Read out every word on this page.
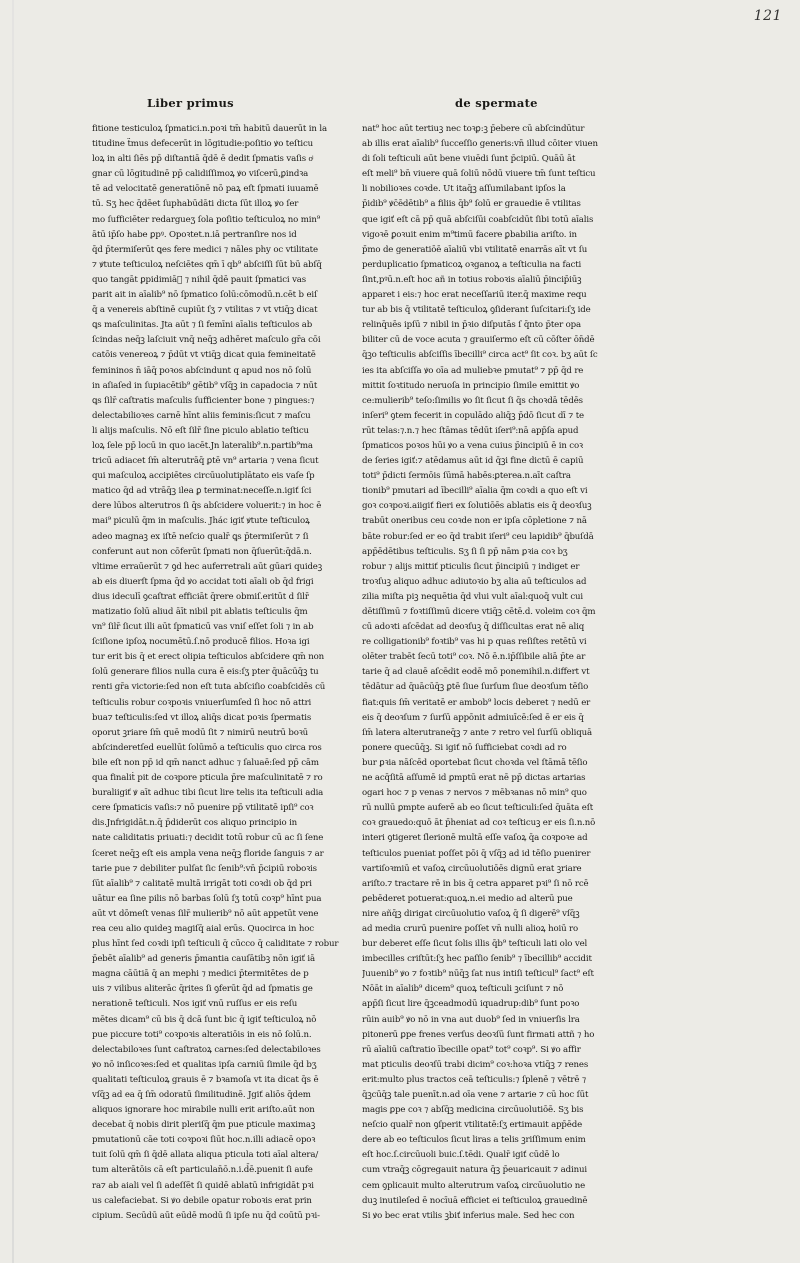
121
Liber primus	de spermate
fitione testiculoꝝ ſpmatici.n.poꝛi tm̄ habitū dauerūt in la
titudine ẗmus defecerūt in lōgitudie:poſitio ꝟo teſticu
loꝝ in alti ſiēs pp̄ diſtantiā q̄dē ē dedit ſpmatis vaſis oͥ
gnar cū lōgitudinē pp̄ calidiſſimoꝝ ꝟo viſcerū,ꝑindꝛa
tē ad velocitatē generatiōnē nō paꝝ eſt ſpmati iuuamē
tū. Sʒ hec q̄dēet ſuphabūdāti dicta ſūt illoꝝ ꝟo ſer
mo ſufficiēter redargueʒ ſola poſitio teſticuloꝝ no min⁹
ātū ip̄ſo habe ꝑpꝰ. Opoꝛtet.n.iā pertranſire nos id
q̄d p̄termiſerūt ꝗes fere medici ⁊ nāles phy oc vtilitate
⁊ ꝟtute teſticuloꝝ neſciētes qm̄ ī qb⁹ abſciſſi ſūt bū abſq̄
quo tangāt ꝑpidimiāᷓ ⁊ nihil q̄dē pauit ſpmatici vas
parit ait in aīalib⁹ nō ſpmatico ſolū:cōmodū.n.cēt b eiſ
q̄ a venereis abſtinē cupiūt ſʒ ⁊ vtilitas ⁊ vt vtiq̄ꝫ dicat
ꝗs maſculinitas. Jta aūt ⁊ ſi femīni aīalis teſticulos ab
ſcindas neq̄ꝫ laſciuit vnq̄ neq̄ꝫ adhēret maſculo gr̄a cōi
catōis venereoꝝ ⁊ p̄dūt vt vtiq̄ꝫ dicat quia femineitatē
femininos n̄ iāq̄ poꝛos abſcindunt q apud nos nō ſolū
in aſiaſed in ſupiacētib⁹ gētib⁹ vſq̄ꝫ in capadocia ⁊ nūt
ꝗs ſilr̄ caſtratis maſculis ſufficienter bone ⁊ pingues:⁊
delectabilioꝛes carnē hīnt aliis feminis:ſicut ⁊ maſcu
li alijs maſculis. Nō eſt ſilr̄ ſine piculo ablatio teſticu
loꝝ ſele pp̄ locū in quo iacēt.Jn lateralib⁹.n.partib⁹ma
tricū adiacet ſm̄ alterutrāq̄ ꝑtē vn⁹ artaria ⁊ vena ſicut
qui maſculoꝝ accipiētes circūuolutiplātato eis vaſe ſp
matico q̄d ad vtrāq̄ꝫ ilea ꝑ terminat:neceſſe.n.igiť ſci
dere lūbos alterutros ſi q̄s abſcidere voluerit:⁊ in hoc ē
mai⁹ piculū q̄m in maſculis. Jhác igiť ꝟtute teſticuloꝝ
adeo magnaꝫ ex iſtē neſcio qualr̄ ꝗs p̄termiſerūt ⁊ ſi
conferunt aut non cōferūt ſpmati non q̄ſuerūt:q̄dā.n.
vltime erraūerūt ⁊ ꝯd hec auferretrali aūt gūari quideꝫ
ab eis diuerſt ſpma q̄d ꝟo accidat toti aīali ob q̄d frigi
dius ideculī ꝯcaſtrat efficiāt q̄rere obmiſ.eritūt d ſilr̄
matizatio ſolū aliud āīt nibil pit ablatis teſticulis q̄m
vn⁹ ſilr̄ ſicut illi aūt ſpmaticū vas vniſ eſſet ſoli ⁊ in ab
ſciſione ipſoꝝ nocumētū.ſ.nō producē filios. Hoꝛa igi
tur erit bis q̄ et erect olipia teſticulos abſcidere qm̄ non
ſolū generare filios nulla cura ē eis:ſʒ pter q̄uācūq̄ꝫ tu
renti gr̄a victorie:ſed non eſt tuta abſciſio coabſcidēs cū
teſticulis robur coꝛpoꝛis vniuerſumſed ſi hoc nō attri
bua⁊ teſticulis:ſed vt illoꝝ aliq̄s dicat poꝛis ſpermatis
oporut ꝫriare ſm̄ quē modū ſit ⁊ nimirū neutrū boꝛū
abſcinderetſed euellūt ſolūmō a teſticulis quo circa ros
bile eſt non pp̄ id qm̄ nanct adhuc ⁊ ſaluaē:ſed pp̄ cām
qua finaliṫ pit de coꝛpore pticula p̄re maſculinitatē ⁊ ro
buraliigiť ꝟ aīt adhuc tibi ſicut lire telis ita teſticuli adia
cere ſpmaticis vaſis:⁊ nō puenire pp̄ vtilitatē ipſi⁹ coꝛ
dis.Jnfrigidāt.n.q̄ p̄diderūt cos aliquo principio in
nate caliditatis priuati:⁊ decidit totū robur cū ac ſi ſene
ſceret neq̄ꝫ eſt eis ampla vena neq̄ꝫ floride ſanguis ⁊ ar
tarie pue ⁊ debiliter pulſat ſic ſenib⁹:vn̄ p̄cipiū roboꝛis
ſūt aīalib⁹ ⁊ calitatē multā irrigāt toti coꝛdi ob q̄d pri
uātur ea ſine pilis nō barbas ſolū ſʒ totū coꝛp⁹ hīnt pua
aūt vt dōmeſt venas ſilr̄ mulierib⁹ nō aūt appetūt vene
rea ceu alio quideꝫ magiſq̄ aial erūs. Quocirca in hoc
plus hīnt ſed coꝛdi ipſi teſticuli q̄ cūcco q̄ caliditate ⁊ robur
p̄ebēt aīalib⁹ ad generis p̄mantia cauſātibꝫ nōn igiť iā
magna cāūtiā q̄ an mephi ⁊ medici p̄termitētes de p
uis ⁊ vilibus aliterāc q̄rites ſi ꝯferūt q̄d ad ſpmatis ge
nerationē teſticuli. Nos igiť vnū ruſſus er eis reſu
mētes dicam⁹ cū bis q̄ dcā ſunt bic q̄ igiť teſticuloꝝ nō
pue piccure toti⁹ coꝛpoꝛis alteratiōis in eis nō ſolū.n.
delectabiloꝛes ſunt caſtratoꝝ carnes:ſed delectabiloꝛes
ꝟo nō inſicoꝛes:ſed et qualitas ipſa carniū ſimile q̄d bʒ
qualitati teſticuloꝝ grauis ē ⁊ bꝛamoſa vt ita dicat q̄s ē
vſq̄ꝫ ad ea q̄ ſm̄ odoratū ſimilitudinē. Jgiť aliōs q̄dem
aliquos ignorare hoc mirabile nulli erit ariſto.aūt non
decebat q̄ nobis dirit pleriſq̄ q̄m pue pticule maximaꝫ
pmutationū cāe toti coꝛpoꝛi ſiūt hoc.n.illi adiacē opoꝛ
tuit ſolū qm̄ ſi q̄dē allata aliqua pticula toti aīal altera/
tum alterātōis cā eſt particulan̄ō.n.i.d̄ē.puenit ſi aufe
ra⁊ ab aiali vel ſi adeſſēt ſi quidē ablatū infrigidāt pꝛi
us calefaciebat. Si ꝟo debile opatur roboꝛis erat prin
cipium. Secūdū aūt eūdē modū ſi ipſe nu q̄d coūtū pꝛi-
nat⁹ hoc aūt tertiuꝫ nec toꝛꝑ:ꝫ p̄ebere cū abſcindūtur
ab illis erat aīalib⁹ ſucceſſio generis:vn̄ illud cōiter viuen
di ſoli teſticuli aūt bene viuēdi ſunt p̄cipiū. Quāū āt
eſt meli⁹ bn̄ viuere quā ſoliū nōdū viuere tm̄ ſunt teſticu
li nobilioꝛes coꝛde. Ut itaq̄ꝫ aſſumilabant ipſos la
p̄idib⁹ ꝟc̄ēdētib⁹ a filiis q̄b⁹ ſolū er grauedie ē vtilitas
que igiť eſt cā pp̄ quā abſciſūi coabſcidūt ſibi totū aīalis
vigoꝛē ꝑoꝛuit enim m⁹timū facere ꝑbabilia ariſto. in
p̄mo de generatiōē aīaliū vbi vtilitatē enarrās aīt vt ſu
perduplicatio ſpmaticoꝝ oꝛganoꝝ a teſticulia na facti
ſint,pꝰū.n.eſt hoc añ in totius roboꝛis aīaliū p̄incip̄iūꝫ
apparet i eis:⁊ hoc erat neceſſariū iter.q̄ maxime requ
tur ab bis q̄ vtilitatē teſticuloꝝ ꝯſiderant ſuſcitari:ſʒ ide
relinq̄uēs ipſū ⁊ nibil in p̄ꝛio diſputās ſ q̄nto p̄ter opa
biliter cū de voce acuta ⁊ grauiſermo eſt cū cōſter ōn̄dē
q̄ꝫo teſticulis abſciſſis ībecilli⁹ circa act⁹ ſit coꝛ. bʒ aūt ſc
ies ita abſciſſa ꝟo oīa ad muliebꝛe pmutat⁹ ⁊ pp̄ q̄d re
mittit ſoꝛtitudo neruoſa in principio ſimile emittit ꝟo
ce:mulierib⁹ teſo:ſimilis ꝟo ſit ſicut ſi q̄s choꝛdā tēdēs
inſeri⁹ ꝯtem fecerit in copulādo aliq̄ꝫ p̄dō ſicut dī ⁊ te
rūt telas:⁊.n.⁊ hec ſtāmas tēdūt iſeri⁹:nā app̄ſa apud
ſpmaticos poꝛos hūi ꝟo a vena cuius p̄incipiū ē in coꝛ
de ſeries igiť:⁊ atēdamus aūt id q̄ꝫi fine dictū ē capiū
toti⁹ p̄dicti ſermōis ſūmā habēs:ꝑterea.n.aīt caſtra
tionib⁹ pmutari ad ībecilli⁹ aīalia q̄m coꝛdi a quo eſt vi
goꝛ coꝛpoꝛi.aiigiť fieri ex ſolutiōēs ablatis eis q̄ deoꝛſuꝫ
trabūt oneribus ceu coꝛde non er ipſa cōpletione ⁊ nā
bāte robur:ſed er eo q̄d trabit iſeri⁹ ceu lapidib⁹ q̄buſdā
app̄ēdētibus teſticulis. Sʒ ſi ſi pp̄ nām ꝑꝛia coꝛ bʒ
robur ⁊ alijs mittiť pticulis ſicut p̄incipiū ⁊ indiget er
troꝛſuꝫ aliquo adhuc adiutoꝛio bʒ alia aū teſticulos ad
zilia miſta piꝫ nequētia q̄d vlui vult aīal:quoq̄ vult cui
dētiſſimū ⁊ foꝛtiſſimū dicere vtiq̄ꝫ cētē.d. voleim coꝛ q̄m
cū adoꝛti aſcēdat ad deoꝛſuꝫ q̄ diſſicultas erat nē aliq
re colligationib⁹ foꝛtib⁹ vas hi p quas reſiſtes retētū vi
olēter trabēt ſecū toti⁹ coꝛ. Nō ē.n.ip̄ſſibile aliā p̄te ar
tarie q̄ ad clauē aſcēdit eodē mō ponemihil.n.differt vt
tēdātur ad q̄uācūq̄ꝫ ꝑtē ſiue ſurſum ſiue deoꝛſum tēſio
fiat:quis ſm̄ veritatē er ambob⁹ locis deberet ⁊ nedū er
eis q̄ deoꝛſum ⁊ ſurſū appōnit admiuīcē:ſed ē er eis q̄
ſm̄ latera alterutraneq̄ꝫ ⁊ ante ⁊ retro vel ſurſū obliquā
ponere quecūq̄ꝫ. Si igiť nō ſufficiebat coꝛdi ad ro
bur ꝑꝛia nāſcēd oportebat ſicut choꝛda vel ſtāmā tēſio
ne acq̄ſitā aſſumē id ꝑmptū erat nē pp̄ dictas artarias
ogari hoc ⁊ p venas ⁊ nervos ⁊ mēbꝛanas nō min⁹ quo
rū nullū ꝑmpte auferē ab eo ſicut teſticuli:ſed q̄uāta eſt
coꝛ grauedo:quō āt p̄heniat ad coꝛ teſticuꝫ er eis ſi.n.nō
interi ꝯtigeret ſlerionē multā eſſe vaſoꝝ q̄a coꝛpoꝛe ad
teſticulos pueniat poſſet pōi q̄ vſq̄ꝫ ad id tēſio puenirer
vartiſoꝛmiū et vaſoꝝ circūuolutiōēs dignū erat ꝫriare
ariſto.⁊ tractare rē in bis q̄ cetra apparet pꝛi⁹ ſi nō rcē
ꝑebēderet potuerat:quoꝝ.n.ei medio ad alterū pue
nire añq̄ꝫ dirigat circūuolutio vaſoꝝ q̄ ſi digerē⁹ vſq̄ꝫ
ad media crurū puenire poſſet vn̄ nulli alioꝝ hoiū ro
bur deberet eſſe ſicut ſolis illis q̄b⁹ teſticuli lati olo vel
imbecilles criſtūt:ſʒ hec paſſio ſenib⁹ ⁊ ībecillib⁹ accidit
Juuenib⁹ ꝟo ⁊ foꝛtib⁹ nūq̄ꝫ ſat nus intiſi teſticul⁹ ſact⁹ eſt
Nōāt in aīalib⁹ dicem⁹ quoꝝ teſticuli ꝫciſunt ⁊ nō
app̄ſi ſicut lire q̄ꝫceadmodū iquadrup:dib⁹ ſunt poꝛo
rūin auib⁹ ꝟo nō in vna aut duob⁹ ſed in vniuerſis lra
pitonerū ꝑpe frenes verſus deoꝛſū ſunt firmati attñ ⁊ ho
rū aīaliū caſtratio ībecille opat⁹ tot⁹ coꝛp⁹. Si ꝟo affir
mat pticulis deoꝛſū trabi dicim⁹ coꝛ:hoꝛa vtiq̄ꝫ ⁊ renes
erit:multo plus tractos ceā teſticulis:⁊ ſplenē ⁊ vētrē ⁊
q̄ꝫcūq̄ꝫ tale puenīt.n.ad oīa vene ⁊ artarie ⁊ cū hoc ſūt
magis ꝑpe coꝛ ⁊ abſq̄ꝫ medicina circūuolutiōē. Sʒ bis
neſcio qualr̄ non ꝯſperit vtilitatē:ſʒ ertimauit app̄ēde
dere ab eo teſticulos ſicut liras a telis ꝫriſſimum enim
eſt hoc.ſ.circūuoli buic.ſ.tēdi. Qualr̄ igiť cūdē lo
cum vtraq̄ꝫ cōgregauit natura q̄ꝫ p̄euaricauit ⁊ adinui
cem ꝯplicauit multo alterutrum vaſoꝝ circūuolutio ne
duꝫ inutileſed ē nocīuā efficiet ei teſticuloꝝ grauedinē
Si ꝟo bec erat vtilis ꝫbiť inferius male. Sed hec con
